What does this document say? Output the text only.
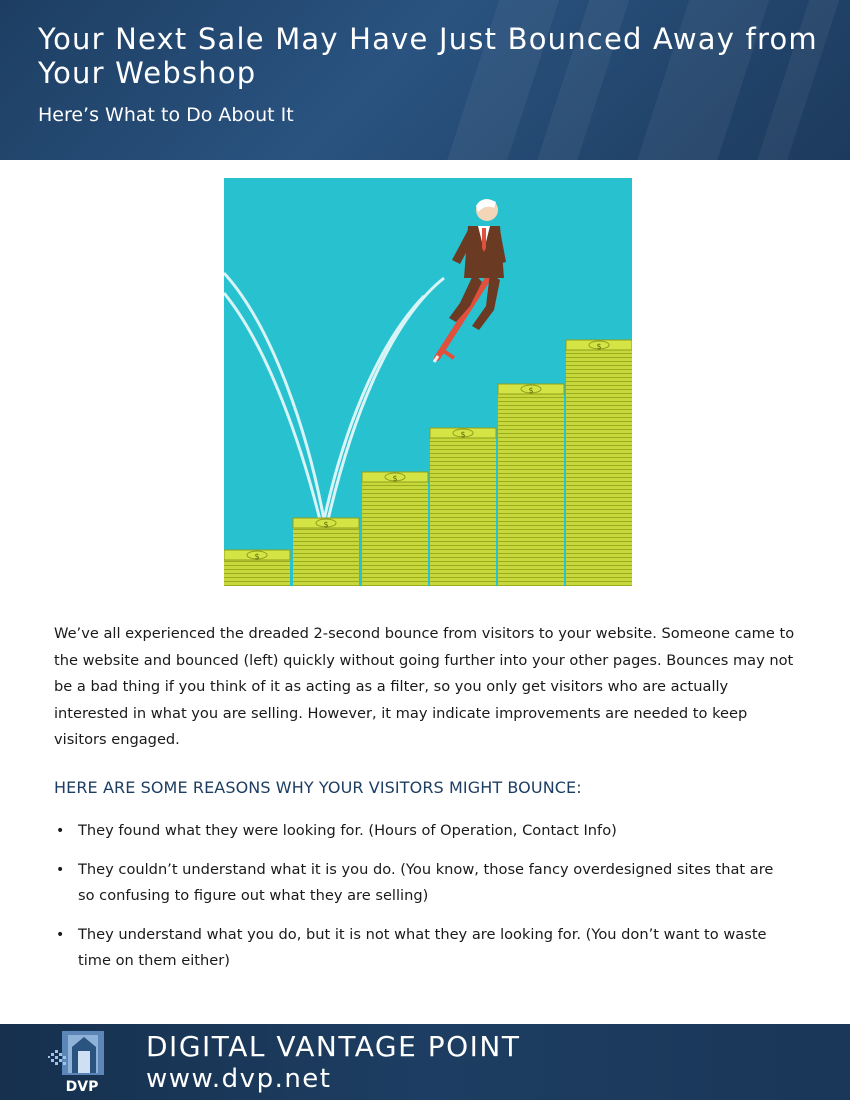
Your Next Sale May Have Just Bounced Away from Your Webshop
Here’s What to Do About It

We’ve all experienced the dreaded 2-second bounce from visitors to your website. Someone came to the website and bounced (left) quickly without going further into your other pages. Bounces may not be a bad thing if you think of it as acting as a filter, so you only get visitors who are actually interested in what you are selling. However, it may indicate improvements are needed to keep visitors engaged.

HERE ARE SOME REASONS WHY YOUR VISITORS MIGHT BOUNCE:
• They found what they were looking for. (Hours of Operation, Contact Info)
• They couldn’t understand what it is you do. (You know, those fancy overdesigned sites that are so confusing to figure out what they are selling)
• They understand what you do, but it is not what they are looking for. (You don’t want to waste time on them either)
DVP
DIGITAL VANTAGE POINT
www.dvp.net
$
$
$
$
$
$
